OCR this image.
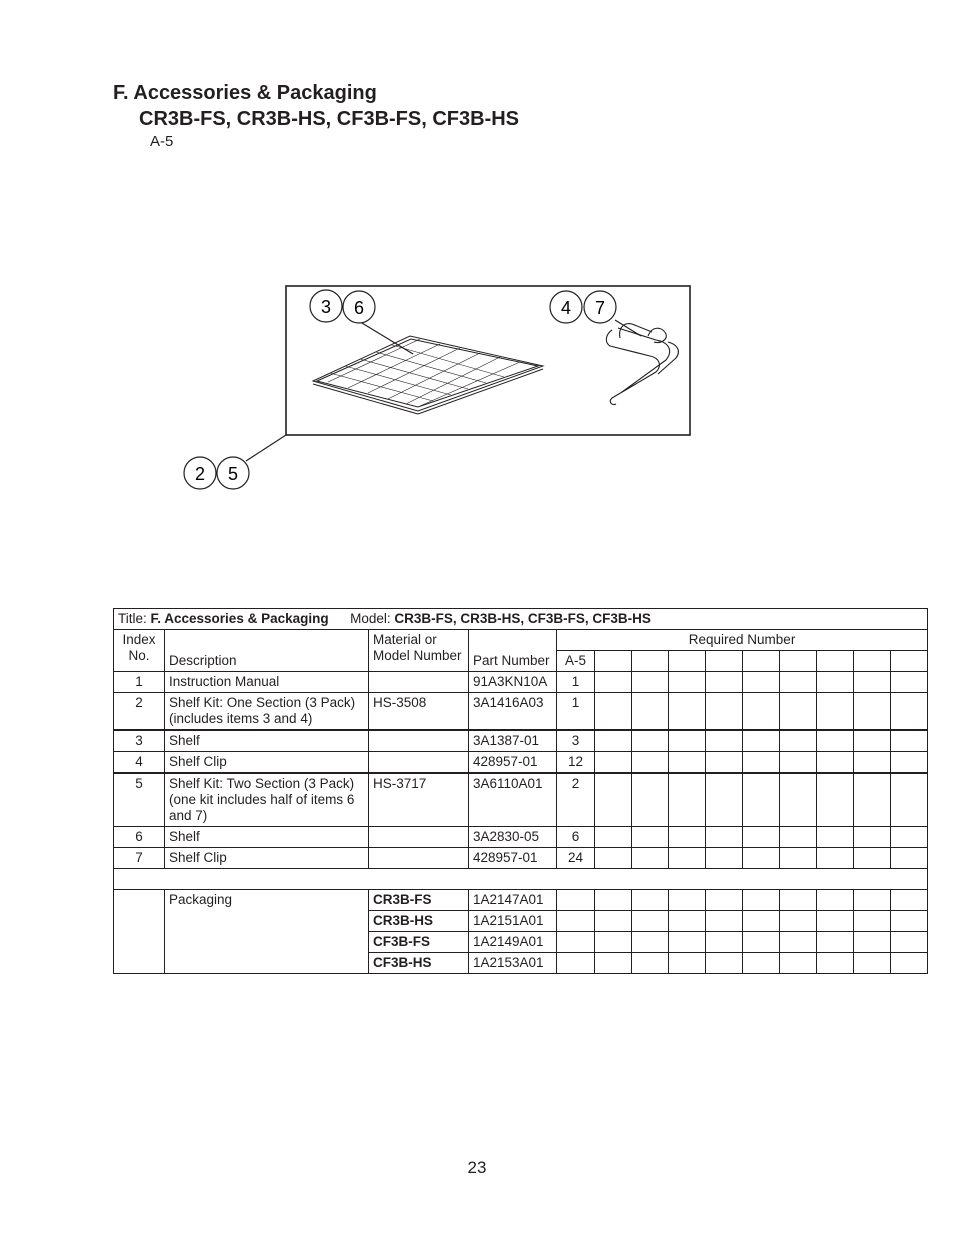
F. Accessories & Packaging
CR3B-FS, CR3B-HS, CF3B-FS, CF3B-HS
A-5
3 6	4 7
2 5
Title: F. Accessories & Packaging Model: CR3B-FS, CR3B-HS, CF3B-FS, CF3B-HS													
Index No.	Description	Material or Model Number	Part Number	Required Number									
				A-5									
1	Instruction Manual		91A3KN10A	1									
2	Shelf Kit: One Section (3 Pack) (includes items 3 and 4)	HS-3508	3A1416A03	1									
3	Shelf		3A1387-01	3									
4	Shelf Clip		428957-01	12									
5	Shelf Kit: Two Section (3 Pack) (one kit includes half of items 6 and 7)	HS-3717	3A6110A01	2									
6	Shelf		3A2830-05	6									
7	Shelf Clip		428957-01	24									

	Packaging	CR3B-FS	1A2147A01										
		CR3B-HS	1A2151A01										
		CF3B-FS	1A2149A01										
		CF3B-HS	1A2153A01										
23
